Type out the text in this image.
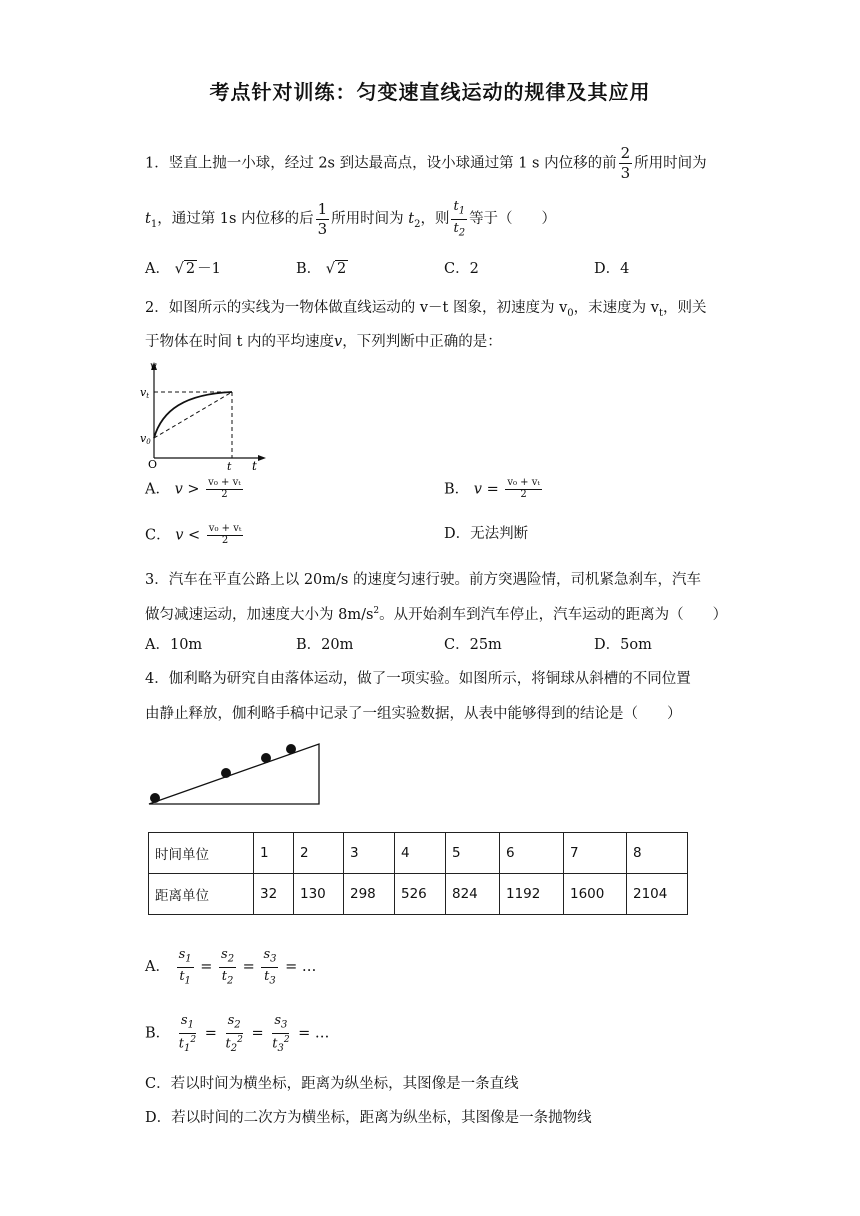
考点针对训练：匀变速直线运动的规律及其应用
1．竖直上抛一小球，经过 2s 到达最高点，设小球通过第 1 s 内位移的前 $\frac{2}{3}$ 所用时间为
$t_1$，通过第 1s 内位移的后 $\frac{1}{3}$ 所用时间为 $t_2$，则 $\frac{t_1}{t_2}$ 等于（　　）
A． √ 2 －1	B． √ 2	C．2	D．4
2．如图所示的实线为一物体做直线运动的 v－t 图象，初速度为 $v_0$，末速度为 $v_t$，则关
于物体在时间 t 内的平均速度v，下列判断中正确的是：
v
vt
v0
O	t t
A． $v > \frac{\text{v₀ + vₜ}}{2}$	B． $v = \frac{\text{v₀ + vₜ}}{2}$
C． $v < \frac{\text{v₀ + vₜ}}{2}$	D．无法判断
3．汽车在平直公路上以 20m/s 的速度匀速行驶。前方突遇险情，司机紧急刹车，汽车
做匀减速运动，加速度大小为 $8m/s^2$。从开始刹车到汽车停止，汽车运动的距离为（　　）
A．10m	B．20m	C．25m	D．5om
4．伽利略为研究自由落体运动，做了一项实验。如图所示，将铜球从斜槽的不同位置
由静止释放，伽利略手稿中记录了一组实验数据，从表中能够得到的结论是（　　）
时间单位	1	2	3	4	5	6	7	8
距离单位	32	130	298	526	824	1192	1600	2104
A． $\frac{s_1}{t_1} = \frac{s_2}{t_2} = \frac{s_3}{t_3}$ = …
B． $\frac{s_1}{t_1^2} = \frac{s_2}{t_2^2} = \frac{s_3}{t_3^2}$ = …
C．若以时间为横坐标，距离为纵坐标，其图像是一条直线
D．若以时间的二次方为横坐标，距离为纵坐标，其图像是一条抛物线
